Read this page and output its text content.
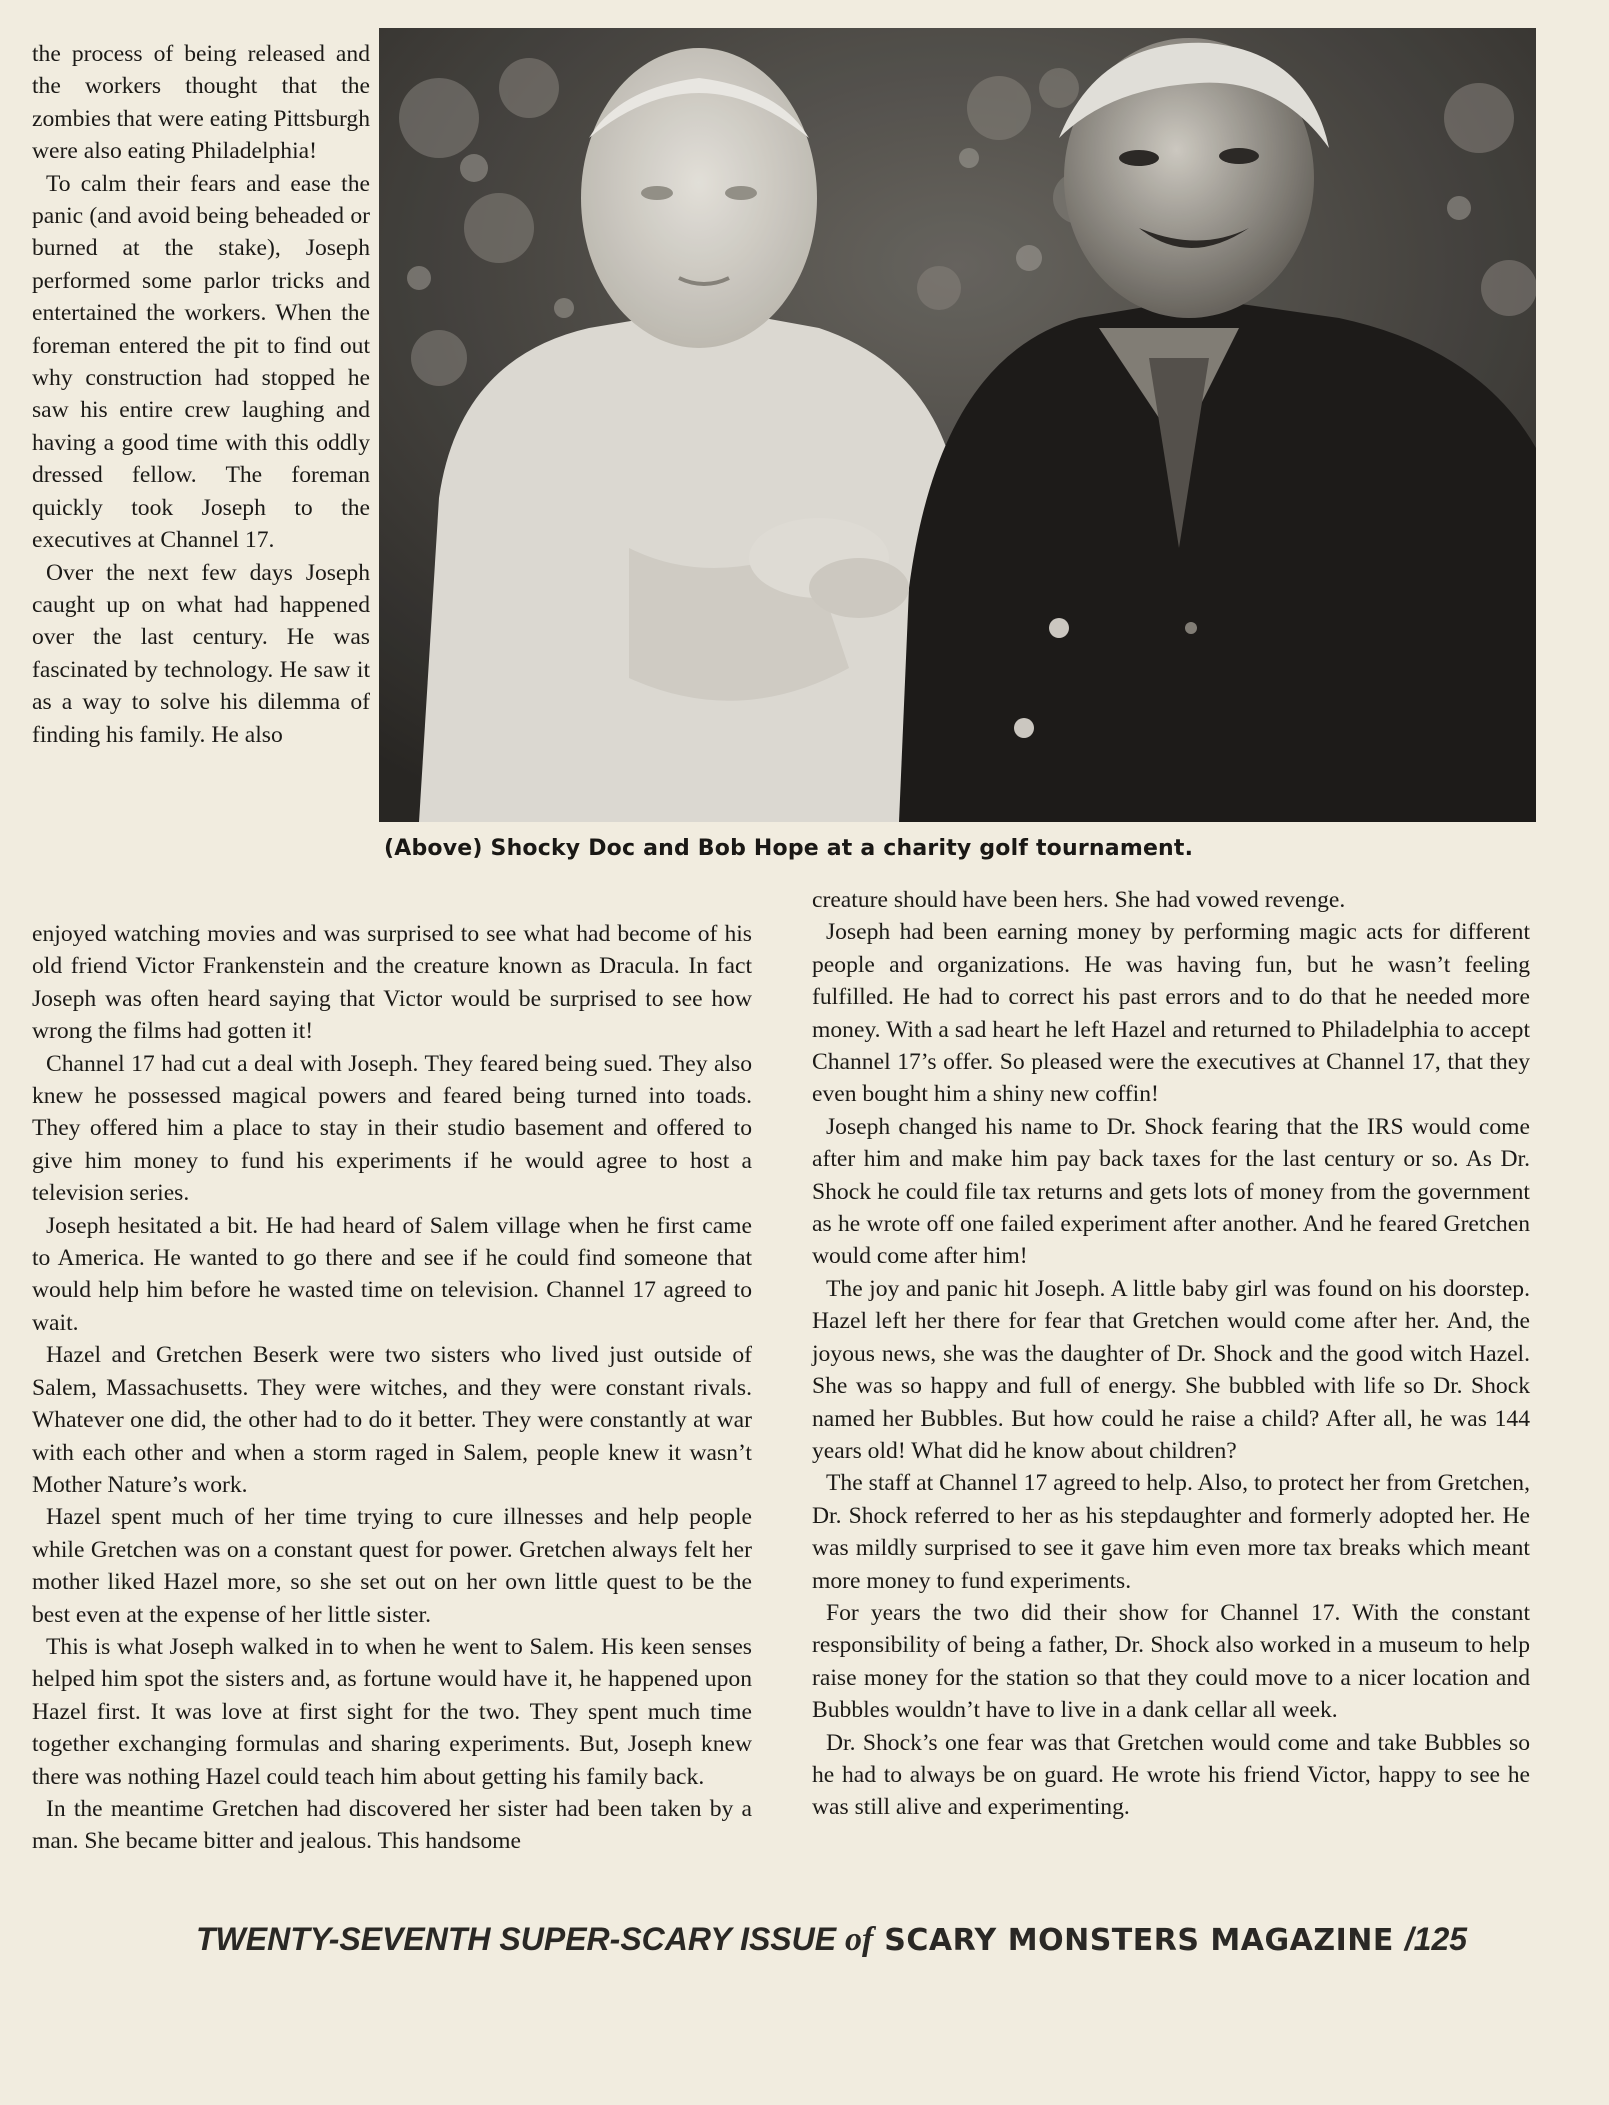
the process of being released and the workers thought that the zombies that were eating Pittsburgh were also eating Philadelphia!

To calm their fears and ease the panic (and avoid being beheaded or burned at the stake), Joseph performed some parlor tricks and entertained the workers. When the foreman entered the pit to find out why construction had stopped he saw his entire crew laughing and having a good time with this oddly dressed fellow. The foreman quickly took Joseph to the executives at Channel 17.

Over the next few days Joseph caught up on what had happened over the last century. He was fascinated by technology. He saw it as a way to solve his dilemma of finding his family. He also

(Above) Shocky Doc and Bob Hope at a charity golf tournament.

enjoyed watching movies and was surprised to see what had become of his old friend Victor Frankenstein and the creature known as Dracula. In fact Joseph was often heard saying that Victor would be surprised to see how wrong the films had gotten it!

Channel 17 had cut a deal with Joseph. They feared being sued. They also knew he possessed magical powers and feared being turned into toads. They offered him a place to stay in their studio basement and offered to give him money to fund his experiments if he would agree to host a television series.

Joseph hesitated a bit. He had heard of Salem village when he first came to America. He wanted to go there and see if he could find someone that would help him before he wasted time on television. Channel 17 agreed to wait.

Hazel and Gretchen Beserk were two sisters who lived just outside of Salem, Massachusetts. They were witches, and they were constant rivals. Whatever one did, the other had to do it better. They were constantly at war with each other and when a storm raged in Salem, people knew it wasn’t Mother Nature’s work.

Hazel spent much of her time trying to cure illnesses and help people while Gretchen was on a constant quest for power. Gretchen always felt her mother liked Hazel more, so she set out on her own little quest to be the best even at the expense of her little sister.

This is what Joseph walked in to when he went to Salem. His keen senses helped him spot the sisters and, as fortune would have it, he happened upon Hazel first. It was love at first sight for the two. They spent much time together exchanging formulas and sharing experiments. But, Joseph knew there was nothing Hazel could teach him about getting his family back.

In the meantime Gretchen had discovered her sister had been taken by a man. She became bitter and jealous. This handsome

creature should have been hers. She had vowed revenge.

Joseph had been earning money by performing magic acts for different people and organizations. He was having fun, but he wasn’t feeling fulfilled. He had to correct his past errors and to do that he needed more money. With a sad heart he left Hazel and returned to Philadelphia to accept Channel 17’s offer. So pleased were the executives at Channel 17, that they even bought him a shiny new coffin!

Joseph changed his name to Dr. Shock fearing that the IRS would come after him and make him pay back taxes for the last century or so. As Dr. Shock he could file tax returns and gets lots of money from the government as he wrote off one failed experiment after another. And he feared Gretchen would come after him!

The joy and panic hit Joseph. A little baby girl was found on his doorstep. Hazel left her there for fear that Gretchen would come after her. And, the joyous news, she was the daughter of Dr. Shock and the good witch Hazel. She was so happy and full of energy. She bubbled with life so Dr. Shock named her Bubbles. But how could he raise a child? After all, he was 144 years old! What did he know about children?

The staff at Channel 17 agreed to help. Also, to protect her from Gretchen, Dr. Shock referred to her as his stepdaughter and formerly adopted her. He was mildly surprised to see it gave him even more tax breaks which meant more money to fund experiments.

For years the two did their show for Channel 17. With the constant responsibility of being a father, Dr. Shock also worked in a museum to help raise money for the station so that they could move to a nicer location and Bubbles wouldn’t have to live in a dank cellar all week.

Dr. Shock’s one fear was that Gretchen would come and take Bubbles so he had to always be on guard. He wrote his friend Victor, happy to see he was still alive and experimenting.

TWENTY-SEVENTH SUPER-SCARY ISSUE of SCARY MONSTERS MAGAZINE /125
